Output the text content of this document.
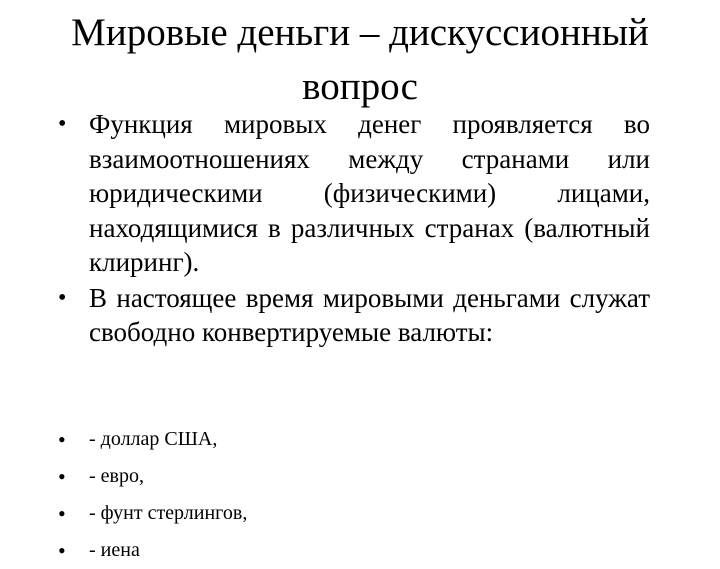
Мировые деньги – дискуссионный вопрос
• Функция мировых денег проявляется во взаимоотношениях между странами или юридическими (физическими) лицами, находящимися в различных странах (валютный клиринг).
• В настоящее время мировыми деньгами служат свободно конвертируемые валюты:
• - доллар США,
• - евро,
• - фунт стерлингов,
• - иена
